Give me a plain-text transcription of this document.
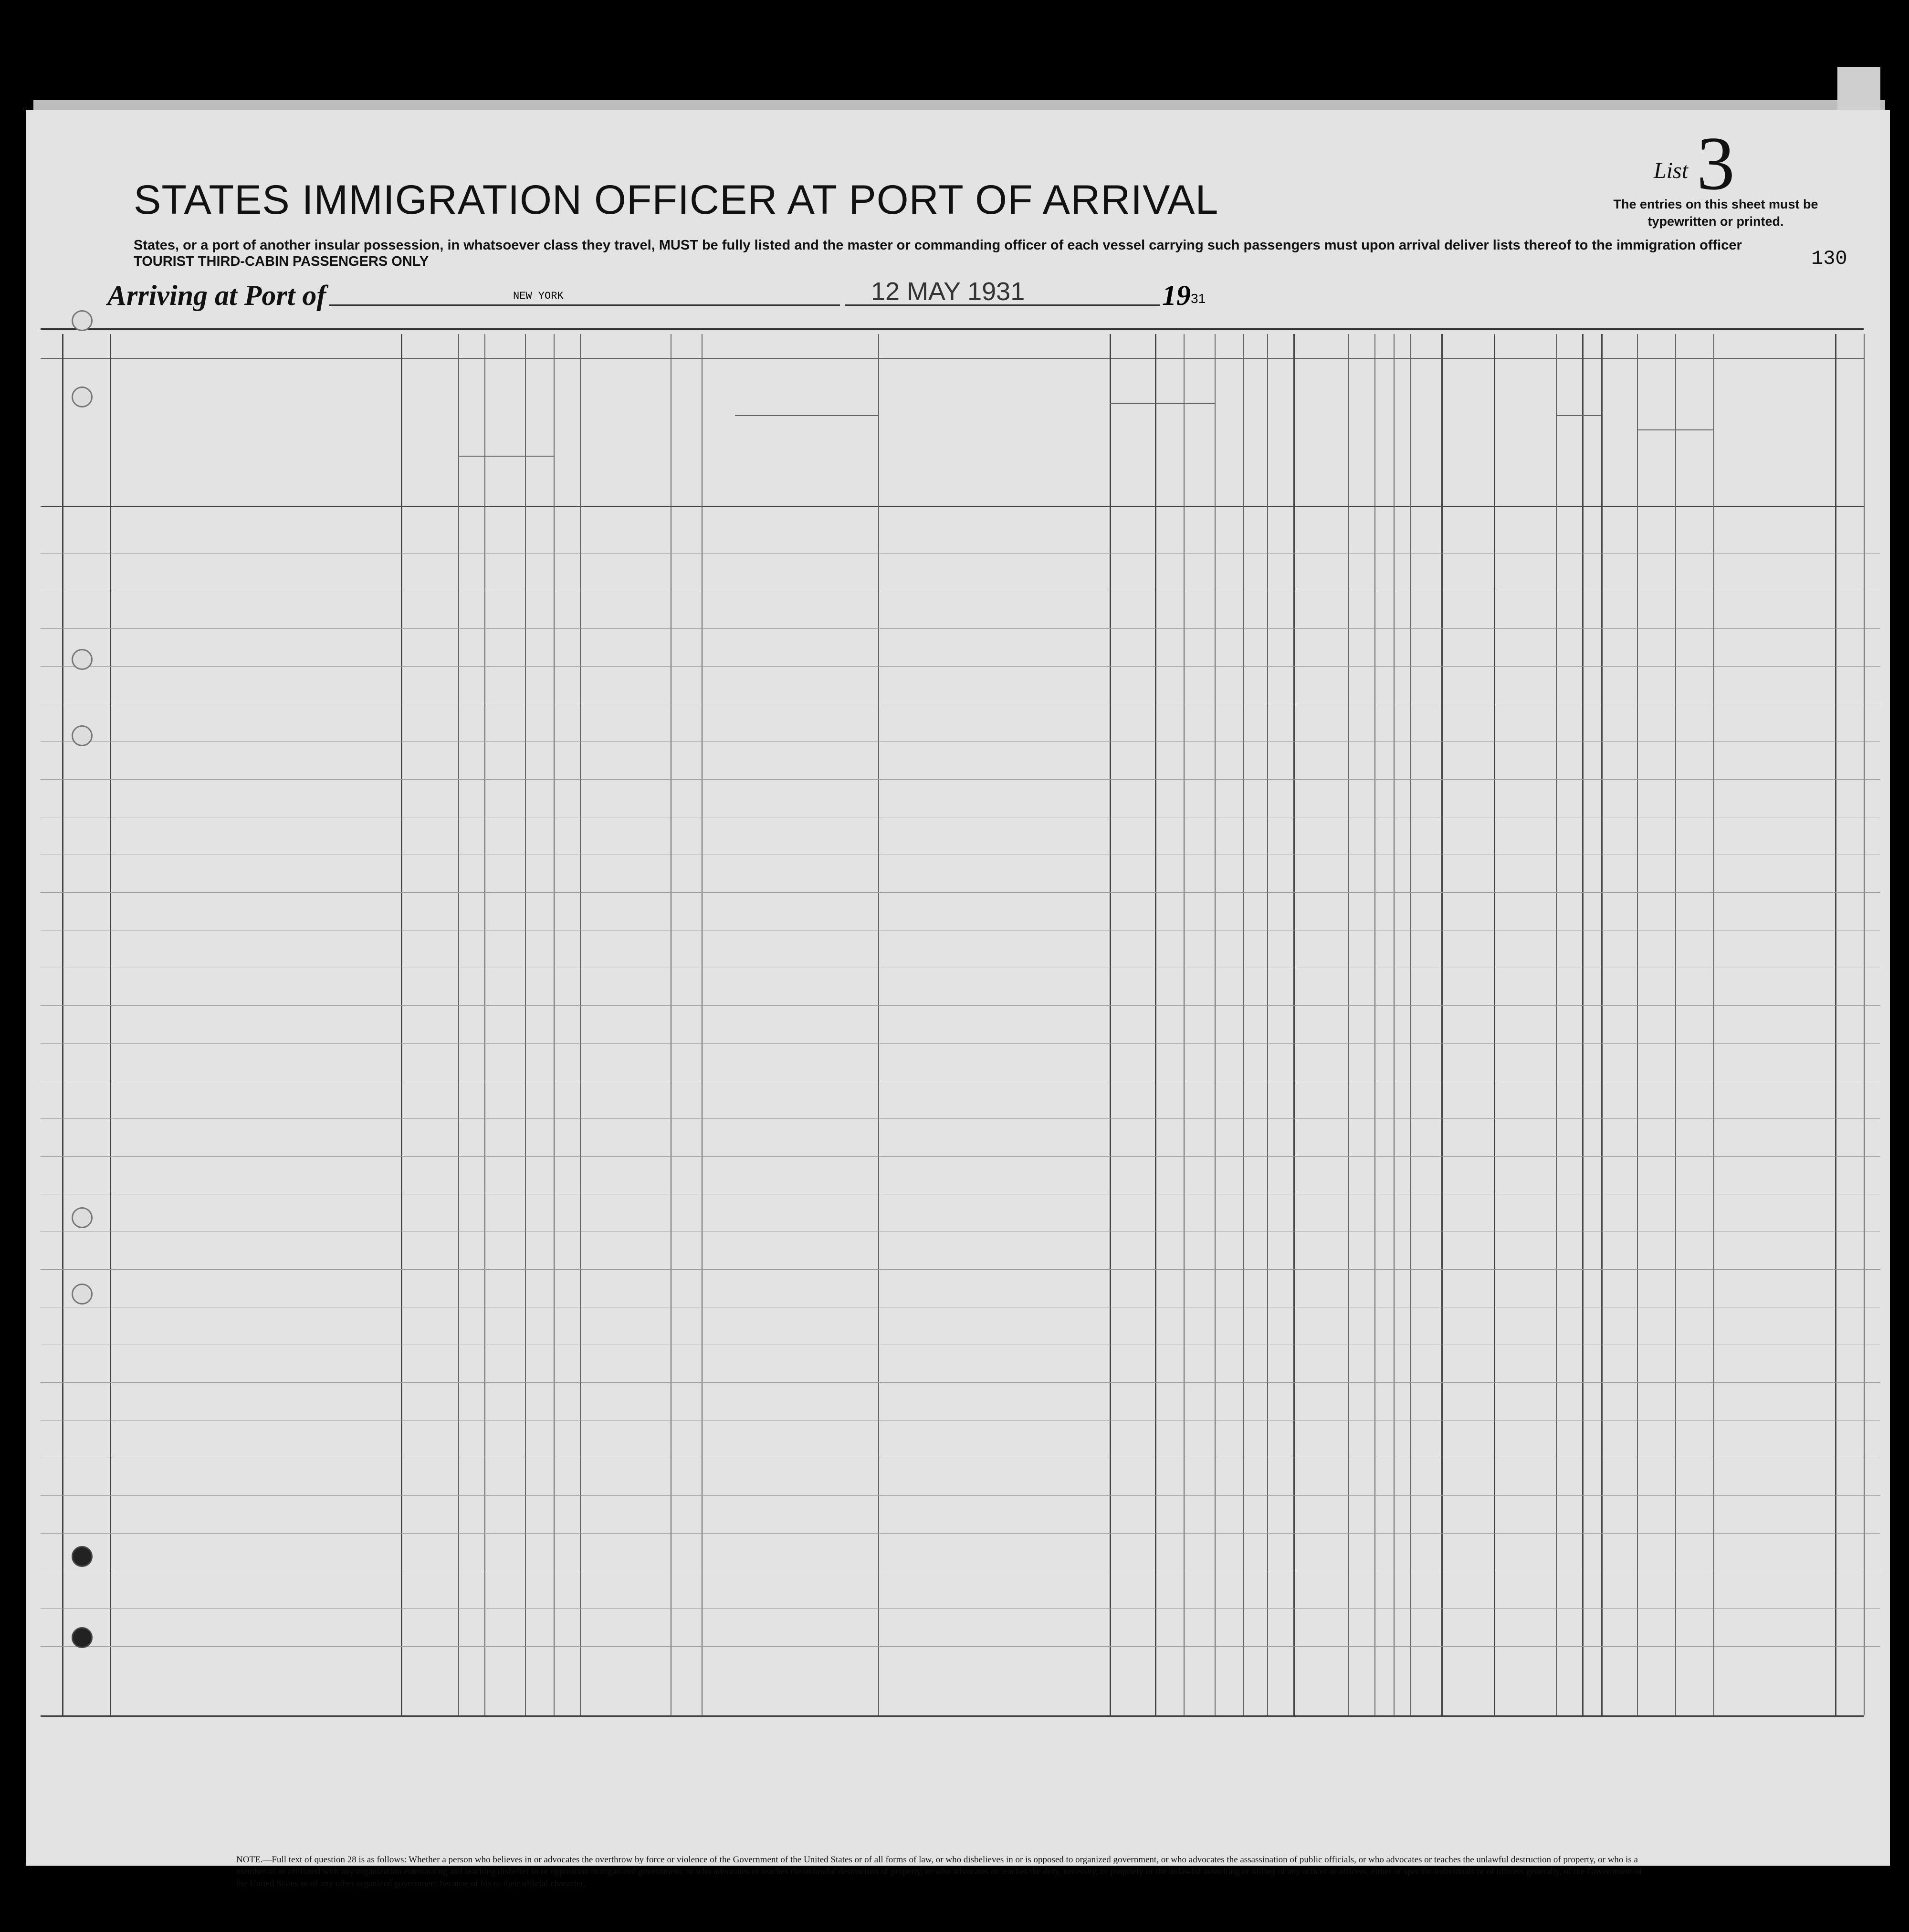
STATES IMMIGRATION OFFICER AT PORT OF ARRIVAL
States, or a port of another insular possession, in whatsoever class they travel, MUST be fully listed and the master or commanding officer of each vessel carrying such passengers must upon arrival deliver lists thereof to the immigration officer
TOURIST THIRD-CABIN PASSENGERS ONLY
List 3
The entries on this sheet must be typewritten or printed.
130
Arriving at Port of	NEW YORK	12 MAY 1931	19 31
NOTE.—Full text of question 28 is as follows: Whether a person who believes in or advocates the overthrow by force or violence of the Government of the United States or of all forms of law, or who disbelieves in or is opposed to organized government, or who advocates the assassination of public officials, or who advocates or teaches the unlawful destruction of property, or who is a member of or affiliated with any organization entertaining and teaching disbelief in or opposition to organized government, or who advocates or teaches the unlawful destruction of property, or who advocates or teaches the duty, necessity, or propriety of the unlawful assaulting or killing of any officer or officers, either of specific individuals or of officers generally, of the Government of the United States or of any other organized government because of his or their official character.
14—430
